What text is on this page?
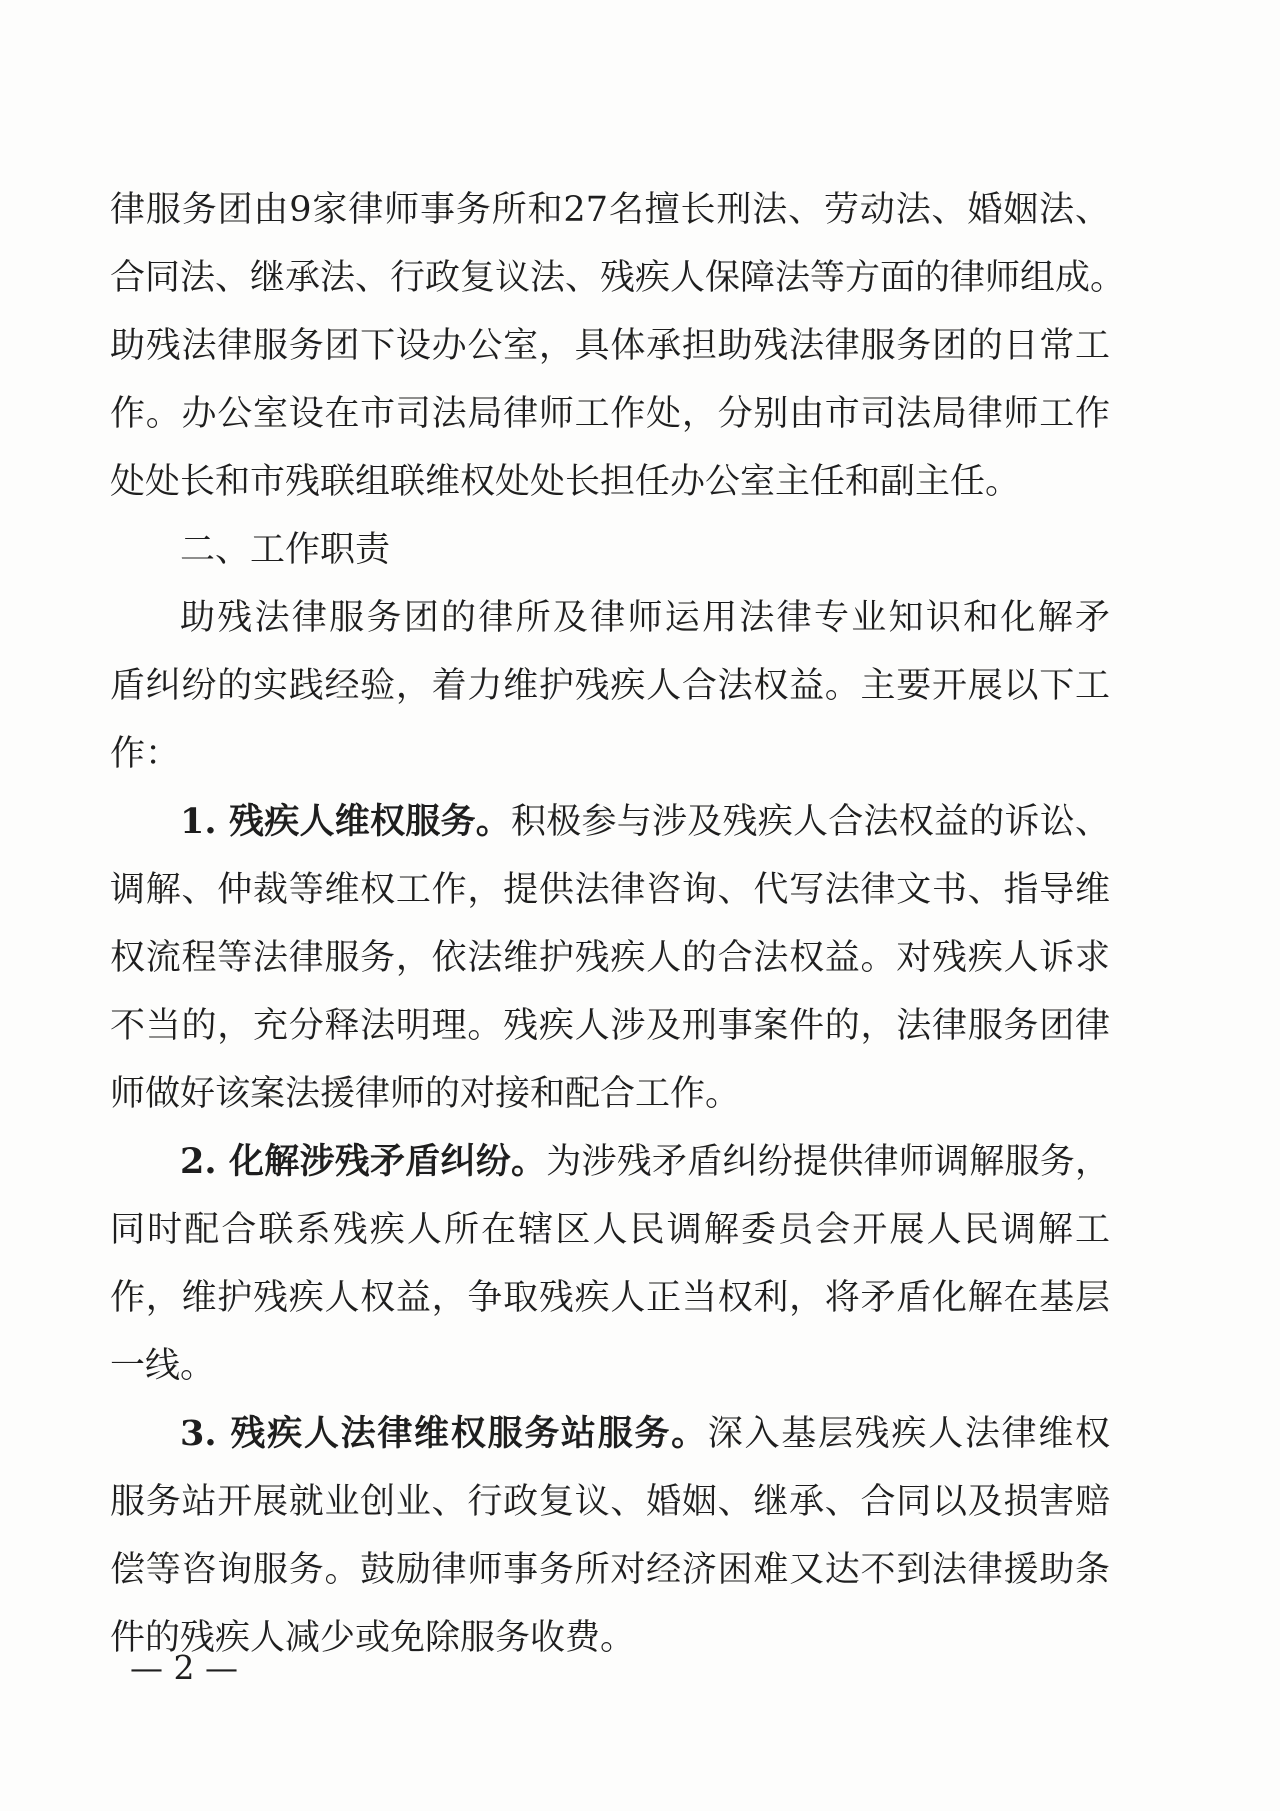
律服务团由9家律师事务所和27名擅长刑法、劳动法、婚姻法、
合同法、继承法、行政复议法、残疾人保障法等方面的律师组成。
助残法律服务团下设办公室，具体承担助残法律服务团的日常工
作。办公室设在市司法局律师工作处，分别由市司法局律师工作
处处长和市残联组联维权处处长担任办公室主任和副主任。
二、工作职责
助残法律服务团的律所及律师运用法律专业知识和化解矛
盾纠纷的实践经验，着力维护残疾人合法权益。主要开展以下工
作：
1. 残疾人维权服务。积极参与涉及残疾人合法权益的诉讼、
调解、仲裁等维权工作，提供法律咨询、代写法律文书、指导维
权流程等法律服务，依法维护残疾人的合法权益。对残疾人诉求
不当的，充分释法明理。残疾人涉及刑事案件的，法律服务团律
师做好该案法援律师的对接和配合工作。
2. 化解涉残矛盾纠纷。为涉残矛盾纠纷提供律师调解服务，
同时配合联系残疾人所在辖区人民调解委员会开展人民调解工
作，维护残疾人权益，争取残疾人正当权利，将矛盾化解在基层
一线。
3. 残疾人法律维权服务站服务。深入基层残疾人法律维权
服务站开展就业创业、行政复议、婚姻、继承、合同以及损害赔
偿等咨询服务。鼓励律师事务所对经济困难又达不到法律援助条
件的残疾人减少或免除服务收费。
— 2 —
